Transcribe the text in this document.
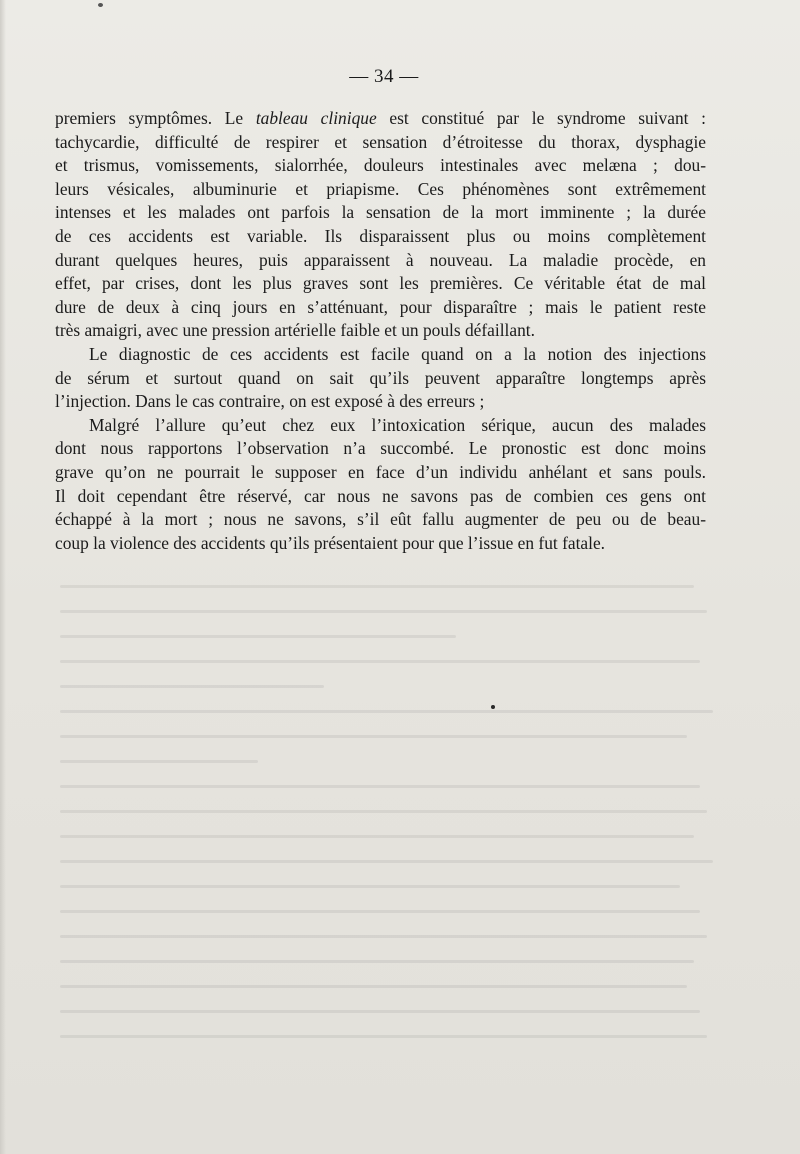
— 34 —
premiers symptômes. Le tableau clinique est constitué par le syndrome suivant :
tachycardie, difficulté de respirer et sensation d’étroitesse du thorax, dysphagie
et trismus, vomissements, sialorrhée, douleurs intestinales avec melæna ; dou-
leurs vésicales, albuminurie et priapisme. Ces phénomènes sont extrêmement
intenses et les malades ont parfois la sensation de la mort imminente ; la durée
de ces accidents est variable. Ils disparaissent plus ou moins complètement
durant quelques heures, puis apparaissent à nouveau. La maladie procède, en
effet, par crises, dont les plus graves sont les premières. Ce véritable état de mal
dure de deux à cinq jours en s’atténuant, pour disparaître ; mais le patient reste
très amaigri, avec une pression artérielle faible et un pouls défaillant.
Le diagnostic de ces accidents est facile quand on a la notion des injections
de sérum et surtout quand on sait qu’ils peuvent apparaître longtemps après
l’injection. Dans le cas contraire, on est exposé à des erreurs ;
Malgré l’allure qu’eut chez eux l’intoxication sérique, aucun des malades
dont nous rapportons l’observation n’a succombé. Le pronostic est donc moins
grave qu’on ne pourrait le supposer en face d’un individu anhélant et sans pouls.
Il doit cependant être réservé, car nous ne savons pas de combien ces gens ont
échappé à la mort ; nous ne savons, s’il eût fallu augmenter de peu ou de beau-
coup la violence des accidents qu’ils présentaient pour que l’issue en fut fatale.
